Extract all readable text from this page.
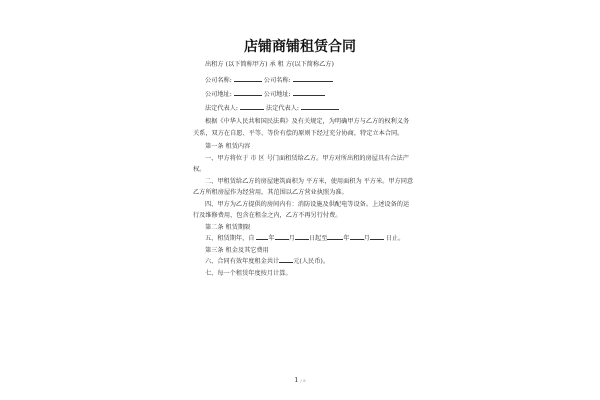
店铺商铺租赁合同
出租方 (以下简称甲方) 承 租 方(以下简称乙方)
公司名称:	公司名称:
公司地址:	公司地址:
法定代表人:	法定代表人:

根据《中华人民共和国民法典》及有关规定，为明确甲方与乙方的权利义务关系，双方在自愿、平等、等价有偿的原则下经过充分协商，特定立本合同。

第一条 租赁内容

一、甲方将位于 市 区 号门面租赁给乙方。甲方对所出租的房屋具有合法产权。

二、甲租赁给乙方的房屋建筑面积为 平方米，使用面积为 平方米。甲方同意乙方所租房屋作为经营用，其范围以乙方营业执照为准。

四、甲方为乙方提供的房间内有：消防设施及供配电等设备。上述设备的运行及维修费用，包含在租金之内，乙方不再另行付费。

第二条 租赁期限

五、租赁期年，自 年 月 日起至	年 月	日止。

第三条 租金及其它费用

六、合同有效年度租金共计 元(人民币)。

七、每一个租赁年度按月计算。

1 / 5
